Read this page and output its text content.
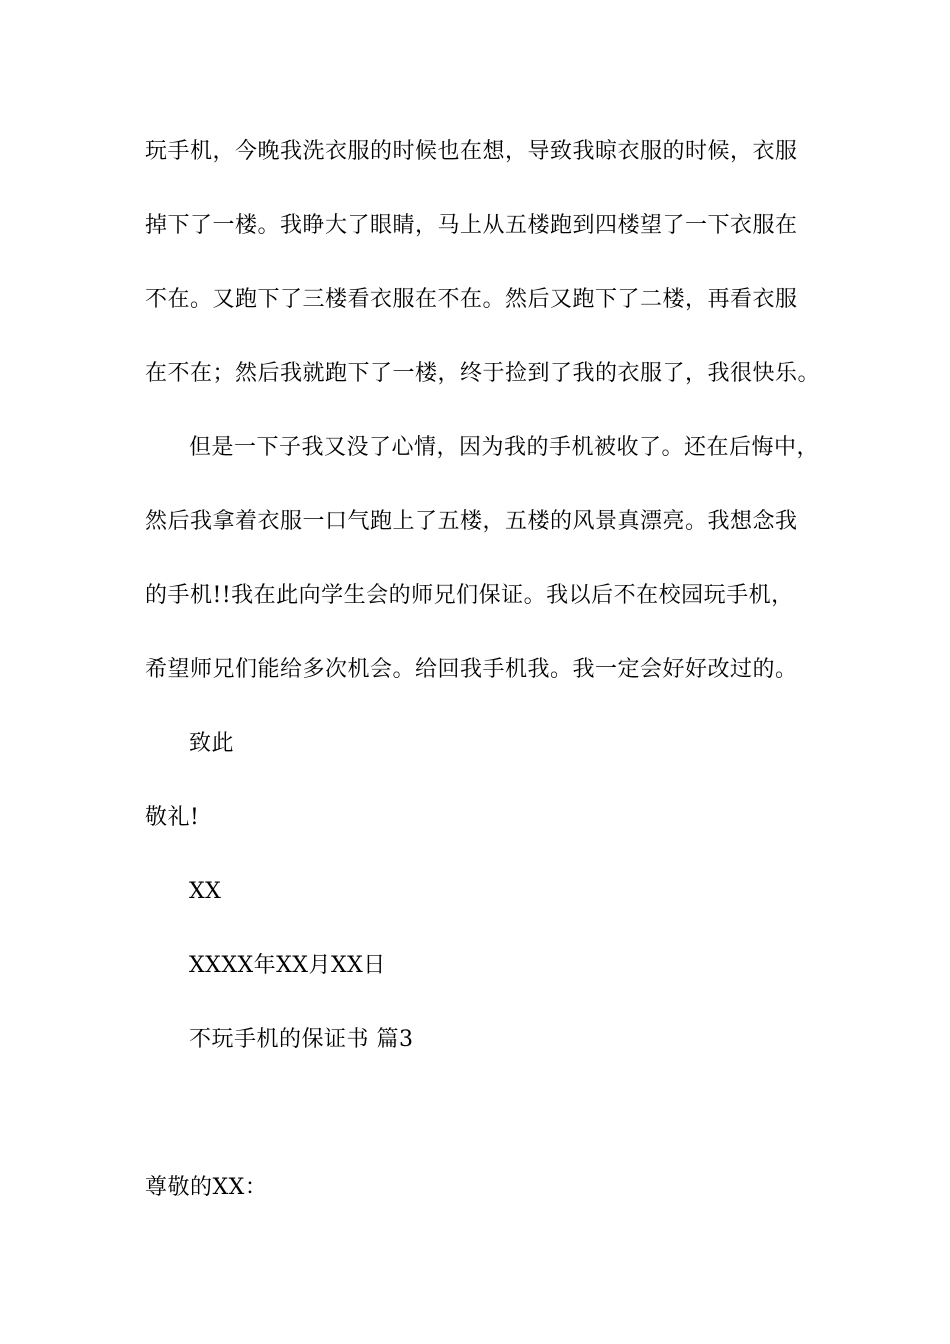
玩手机，今晚我洗衣服的时候也在想，导致我晾衣服的时候，衣服
掉下了一楼。我睁大了眼睛，马上从五楼跑到四楼望了一下衣服在
不在。又跑下了三楼看衣服在不在。然后又跑下了二楼，再看衣服
在不在；然后我就跑下了一楼，终于捡到了我的衣服了，我很快乐。
但是一下子我又没了心情，因为我的手机被收了。还在后悔中，
然后我拿着衣服一口气跑上了五楼，五楼的风景真漂亮。我想念我
的手机!!我在此向学生会的师兄们保证。我以后不在校园玩手机，
希望师兄们能给多次机会。给回我手机我。我一定会好好改过的。
致此
敬礼!
XX
XXXX年XX月XX日
不玩手机的保证书 篇3
尊敬的XX：
